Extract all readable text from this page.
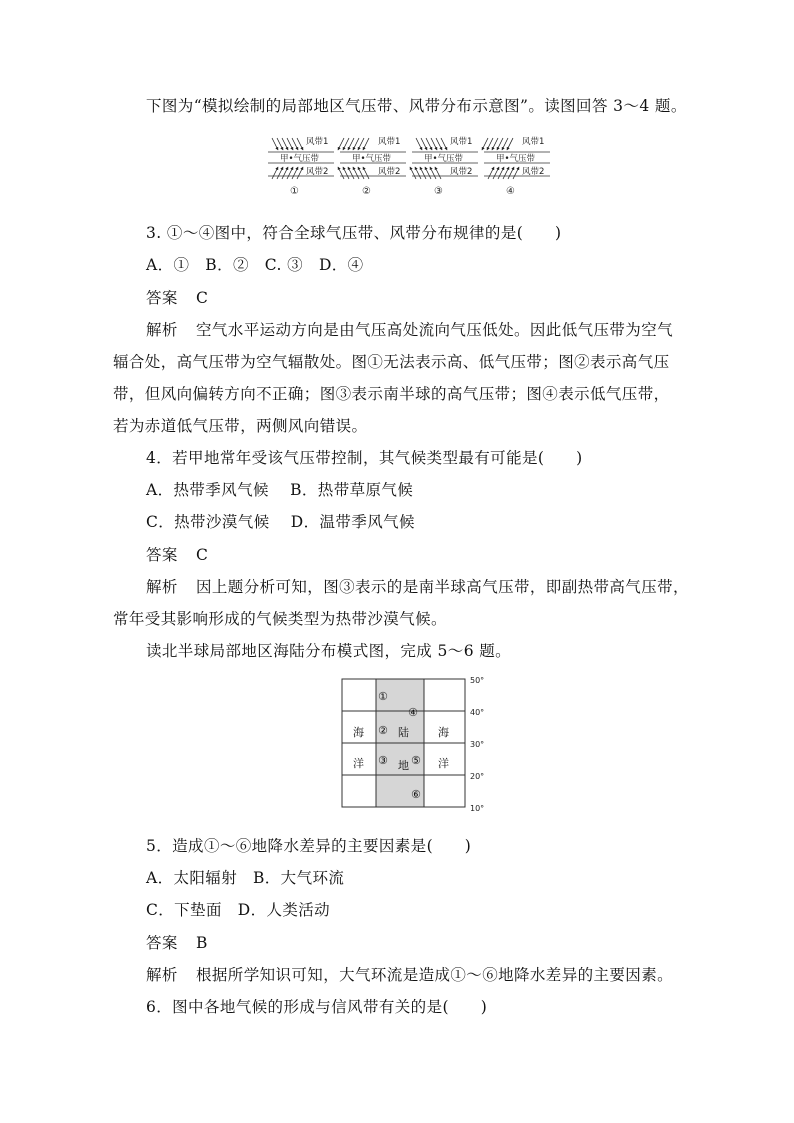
下图为“模拟绘制的局部地区气压带、风带分布示意图”。读图回答 3～4 题。
风带1
甲•气压带
风带2
①
风带1
甲•气压带
风带2
②
风带1
甲•气压带
风带2
③
风带1
甲•气压带
风带2
④
3. ①～④图中，符合全球气压带、风带分布规律的是(　　)
A．①　B．②　C. ③　D．④
答案 C
解析 空气水平运动方向是由气压高处流向气压低处。因此低气压带为空气
辐合处，高气压带为空气辐散处。图①无法表示高、低气压带；图②表示高气压
带，但风向偏转方向不正确；图③表示南半球的高气压带；图④表示低气压带，
若为赤道低气压带，两侧风向错误。
4．若甲地常年受该气压带控制，其气候类型最有可能是(　　)
A．热带季风气候　 B．热带草原气候
C．热带沙漠气候　 D．温带季风气候
答案 C
解析 因上题分析可知，图③表示的是南半球高气压带，即副热带高气压带，
常年受其影响形成的气候类型为热带沙漠气候。
读北半球局部地区海陆分布模式图，完成 5～6 题。
50°
40°
30°
20°
10°
海
洋
海
洋
陆
地
①
②
③
④
⑤
⑥
5．造成①～⑥地降水差异的主要因素是(　　)
A．太阳辐射　B．大气环流
C．下垫面　D．人类活动
答案 B
解析 根据所学知识可知，大气环流是造成①～⑥地降水差异的主要因素。
6．图中各地气候的形成与信风带有关的是(　　)
